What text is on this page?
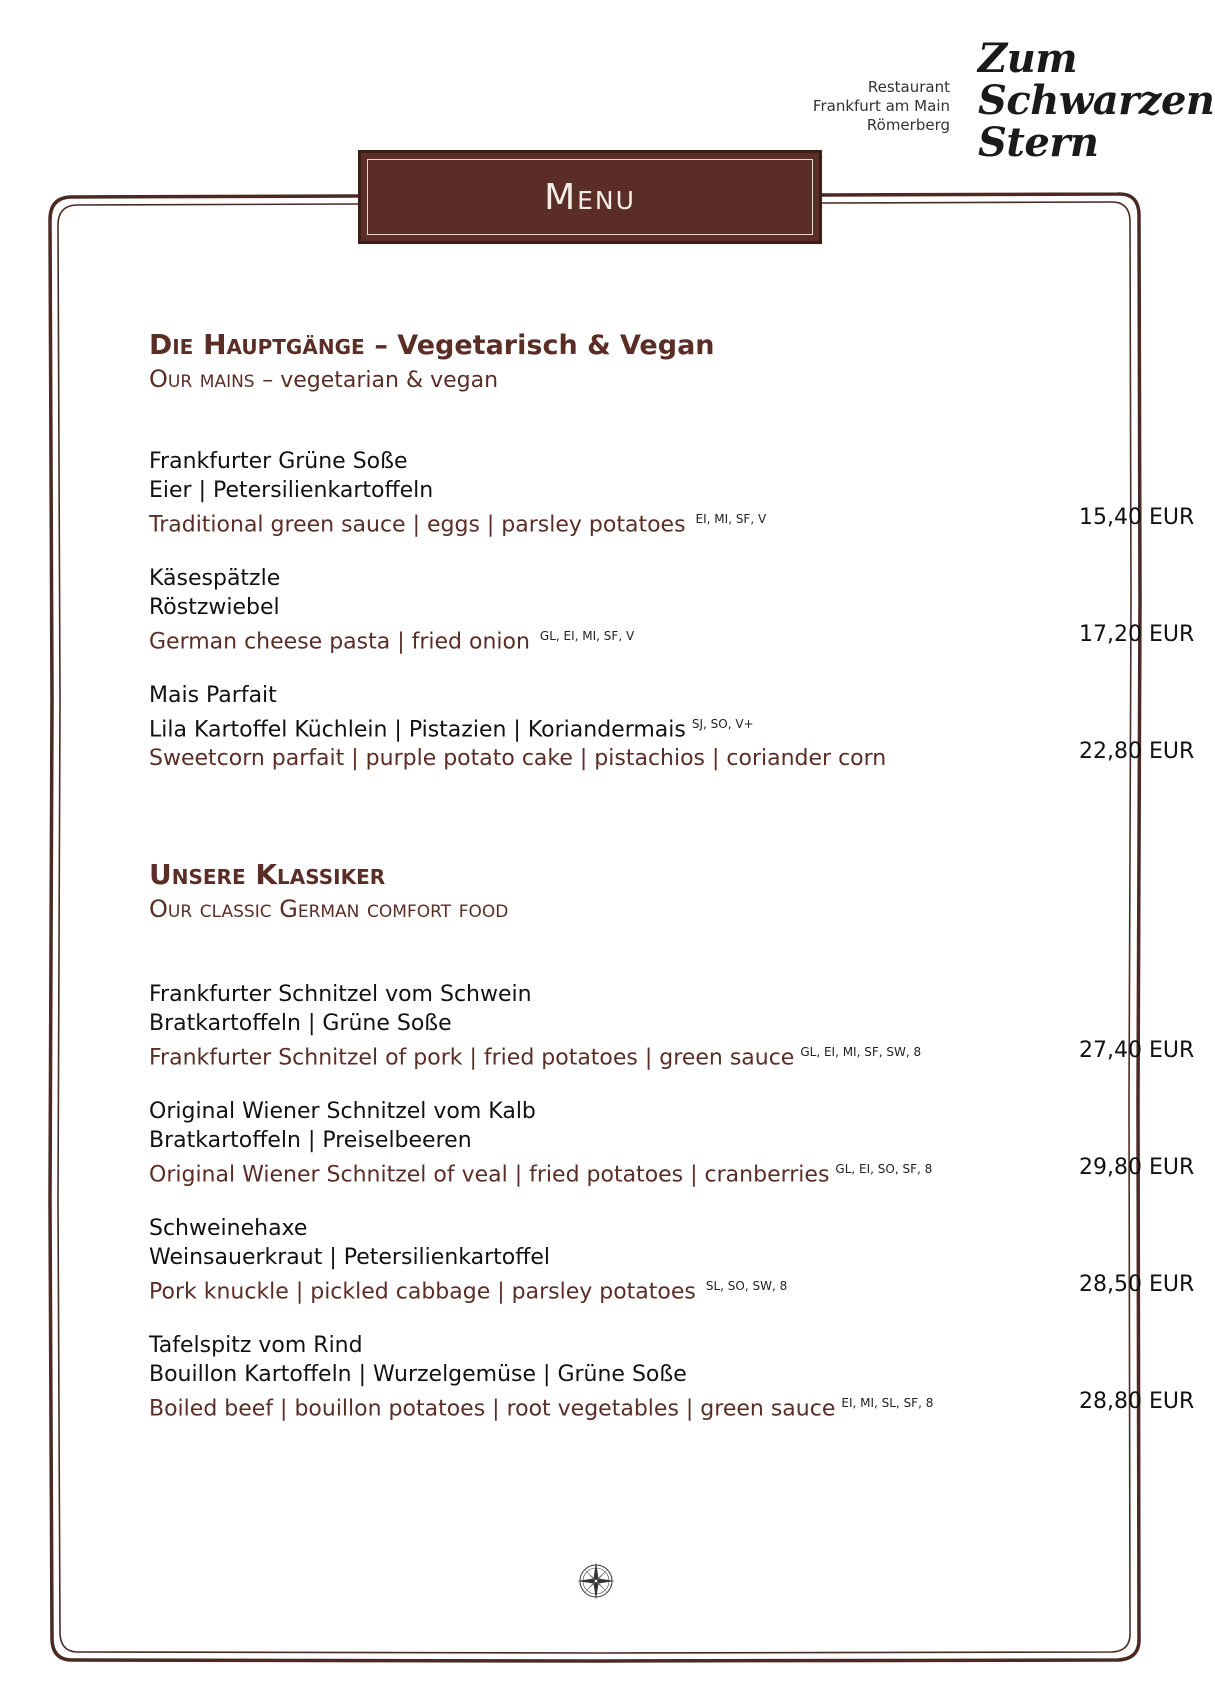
Restaurant
Frankfurt am Main
Römerberg
Zum
Schwarzen
Stern
Menu
Die Hauptgänge – Vegetarisch & Vegan
Our mains – vegetarian & vegan
Frankfurter Grüne Soße
Eier | Petersilienkartoffeln
Traditional green sauce | eggs | parsley potatoes $^{EI, MI, SF, V}$	15,40 EUR
Käsespätzle
Röstzwiebel
German cheese pasta | fried onion $^{GL, EI, MI, SF, V}$	17,20 EUR
Mais Parfait
Lila Kartoffel Küchlein | Pistazien | Koriandermais $^{SJ, SO, V+}$
Sweetcorn parfait | purple potato cake | pistachios | coriander corn	22,80 EUR
Unsere Klassiker
Our classic German comfort food
Frankfurter Schnitzel vom Schwein
Bratkartoffeln | Grüne Soße
Frankfurter Schnitzel of pork | fried potatoes | green sauce $^{GL, EI, MI, SF, SW, 8}$	27,40 EUR
Original Wiener Schnitzel vom Kalb
Bratkartoffeln | Preiselbeeren
Original Wiener Schnitzel of veal | fried potatoes | cranberries $^{GL, EI, SO, SF, 8}$	29,80 EUR
Schweinehaxe
Weinsauerkraut | Petersilienkartoffel
Pork knuckle | pickled cabbage | parsley potatoes $^{SL, SO, SW, 8}$	28,50 EUR
Tafelspitz vom Rind
Bouillon Kartoffeln | Wurzelgemüse | Grüne Soße
Boiled beef | bouillon potatoes | root vegetables | green sauce $^{EI, MI, SL, SF, 8}$	28,80 EUR
